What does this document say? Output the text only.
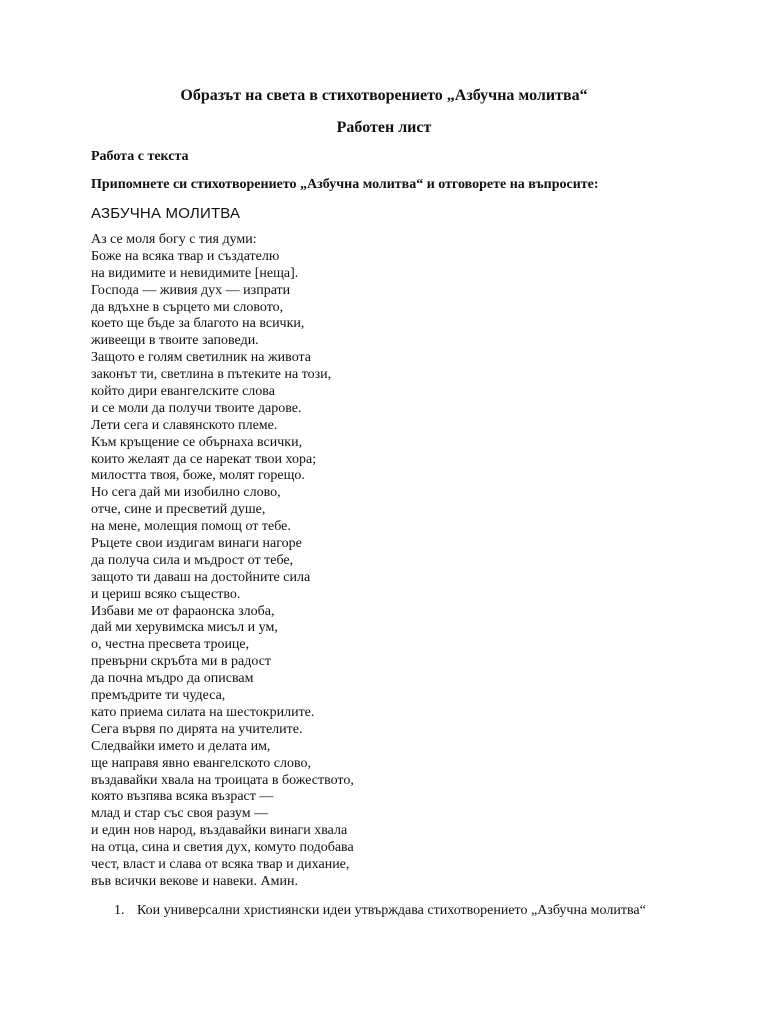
Образът на света в стихотворението „Азбучна молитва“
Работен лист
Работа с текста
Припомнете си стихотворението „Азбучна молитва“ и отговорете на въпросите:
АЗБУЧНА МОЛИТВА
Аз се моля богу с тия думи:
Боже на всяка твар и създателю
на видимите и невидимите [неща].
Господа — живия дух — изпрати
да вдъхне в сърцето ми словото,
което ще бъде за благото на всички,
живеещи в твоите заповеди.
Защото е голям светилник на живота
законът ти, светлина в пътеките на този,
който дири евангелските слова
и се моли да получи твоите дарове.
Лети сега и славянското племе.
Към кръщение се обърнаха всички,
които желаят да се нарекат твои хора;
милостта твоя, боже, молят горещо.
Но сега дай ми изобилно слово,
отче, сине и пресветий душе,
на мене, молещия помощ от тебе.
Ръцете свои издигам винаги нагоре
да получа сила и мъдрост от тебе,
защото ти даваш на достойните сила
и цериш всяко същество.
Избави ме от фараонска злоба,
дай ми херувимска мисъл и ум,
о, честна пресвета троице,
превърни скръбта ми в радост
да почна мъдро да описвам
премъдрите ти чудеса,
като приема силата на шестокрилите.
Сега вървя по дирята на учителите.
Следвайки името и делата им,
ще направя явно евангелското слово,
въздавайки хвала на троицата в божеството,
която възпява всяка възраст —
млад и стар със своя разум —
и един нов народ, въздавайки винаги хвала
на отца, сина и светия дух, комуто подобава
чест, власт и слава от всяка твар и дихание,
във всички векове и навеки. Амин.
1. Кои универсални християнски идеи утвърждава стихотворението „Азбучна молитва“
